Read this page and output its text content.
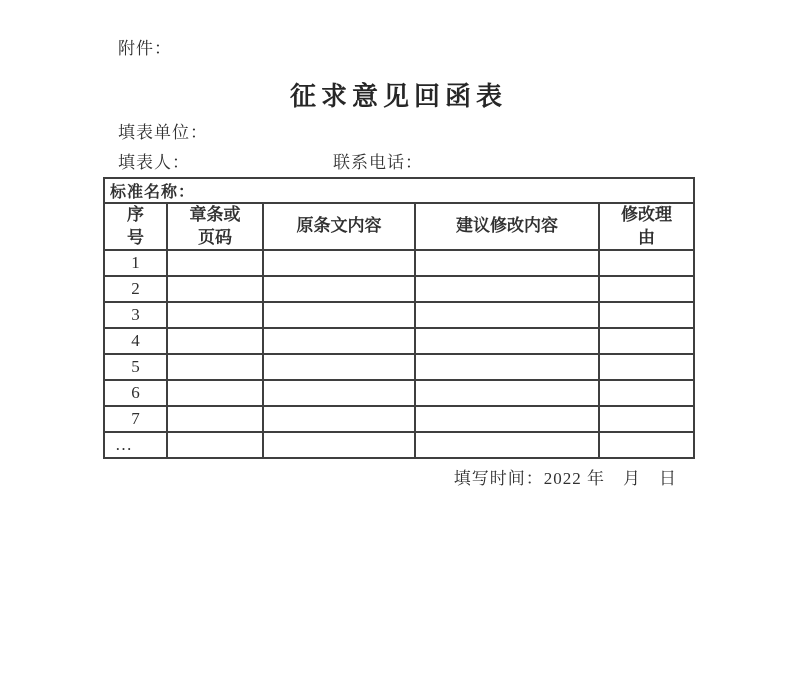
附件：
征求意见回函表
填表单位：
填表人：	联系电话：
标准名称：				
序号	章条或页码	原条文内容	建议修改内容	修改理由
1				
2				
3				
4				
5				
6				
7				
…				
填写时间：2022 年　月　日
